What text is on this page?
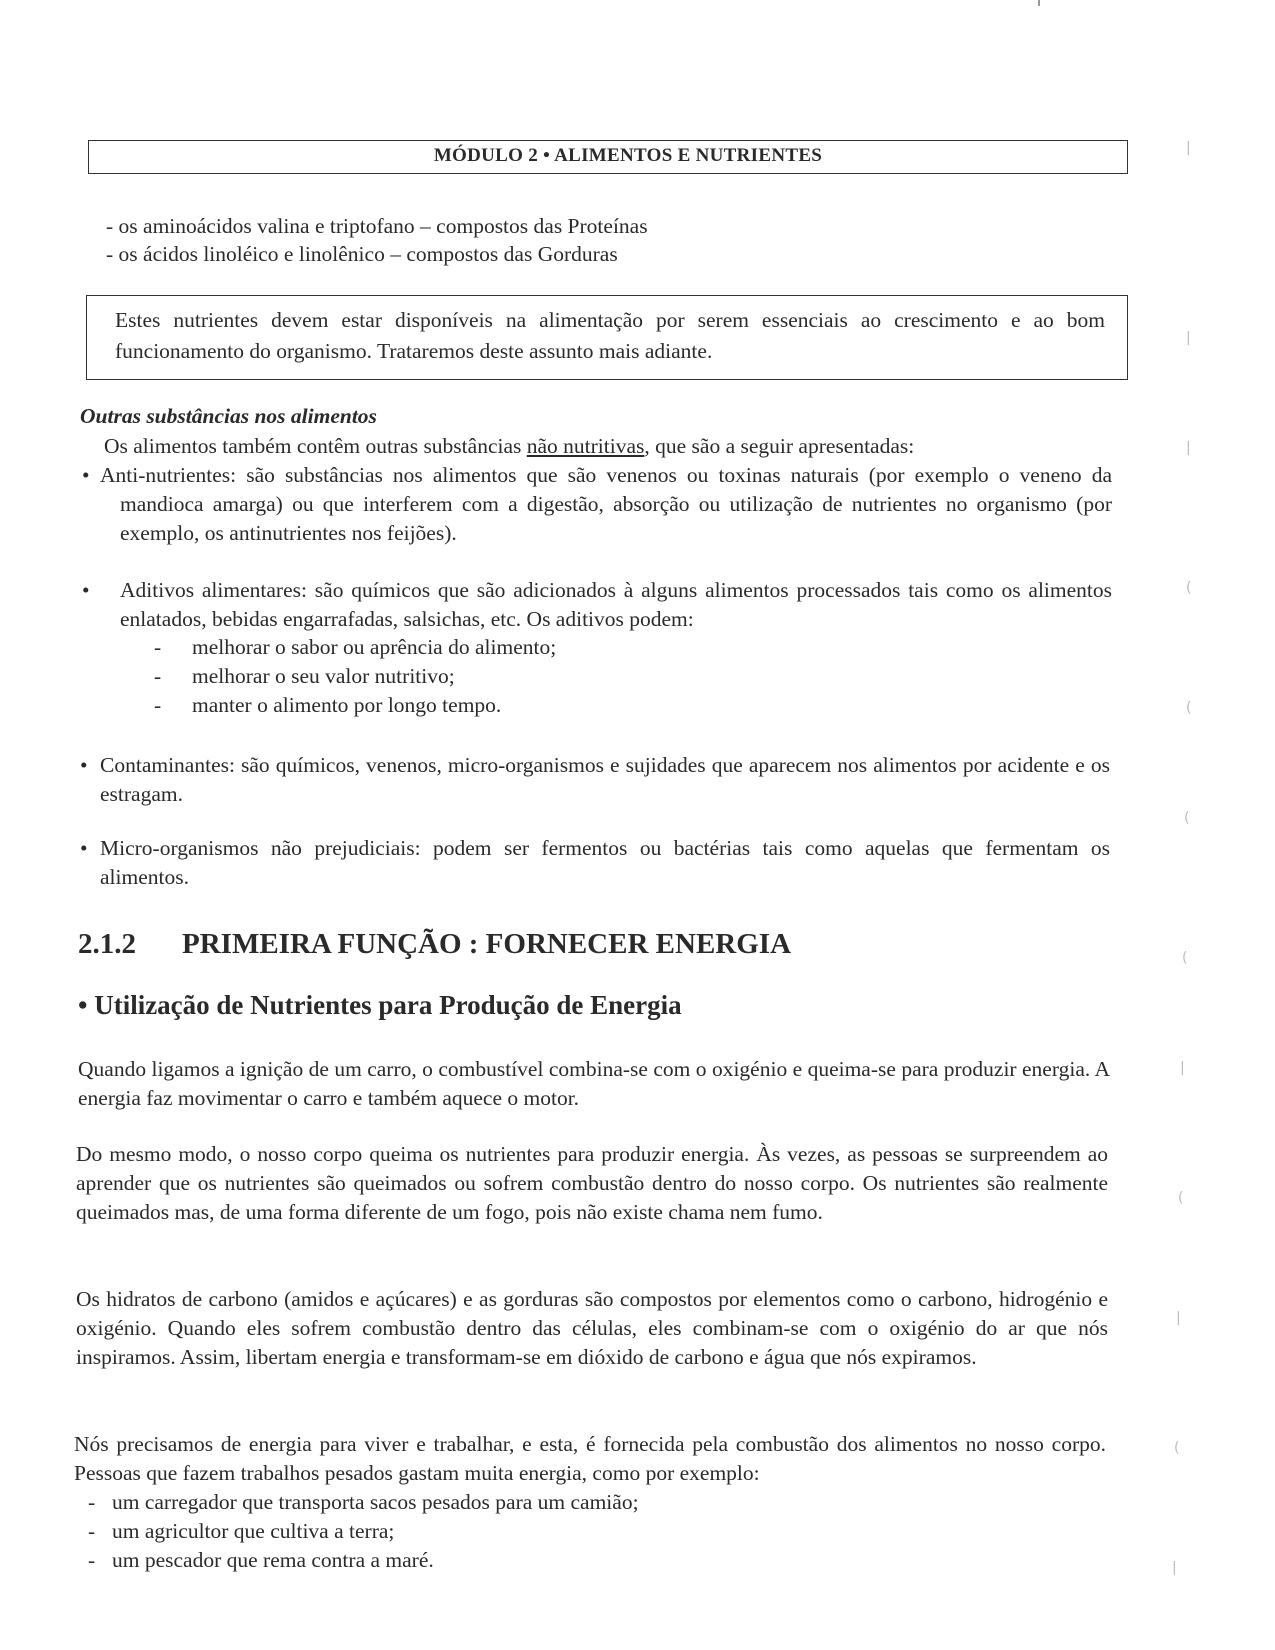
MÓDULO 2 • ALIMENTOS E NUTRIENTES
- os aminoácidos valina e triptofano – compostos das Proteínas
- os ácidos linoléico e linolênico – compostos das Gorduras
Estes nutrientes devem estar disponíveis na alimentação por serem essenciais ao crescimento e ao bom funcionamento do organismo. Trataremos deste assunto mais adiante.
Outras substâncias nos alimentos
Os alimentos também contêm outras substâncias não nutritivas, que são a seguir apresentadas:
• Anti-nutrientes: são substâncias nos alimentos que são venenos ou toxinas naturais (por exemplo o veneno da mandioca amarga) ou que interferem com a digestão, absorção ou utilização de nutrientes no organismo (por exemplo, os antinutrientes nos feijões).
•	Aditivos alimentares: são químicos que são adicionados à alguns alimentos processados tais como os alimentos enlatados, bebidas engarrafadas, salsichas, etc. Os aditivos podem:
- melhorar o sabor ou aprência do alimento;
- melhorar o seu valor nutritivo;
- manter o alimento por longo tempo.
• Contaminantes: são químicos, venenos, micro-organismos e sujidades que aparecem nos alimentos por acidente e os estragam.
• Micro-organismos não prejudiciais: podem ser fermentos ou bactérias tais como aquelas que fermentam os alimentos.
2.1.2 PRIMEIRA FUNÇÃO : FORNECER ENERGIA
• Utilização de Nutrientes para Produção de Energia
Quando ligamos a ignição de um carro, o combustível combina-se com o oxigénio e queima-se para produzir energia. A energia faz movimentar o carro e também aquece o motor.
Do mesmo modo, o nosso corpo queima os nutrientes para produzir energia. Às vezes, as pessoas se surpreendem ao aprender que os nutrientes são queimados ou sofrem combustão dentro do nosso corpo. Os nutrientes são realmente queimados mas, de uma forma diferente de um fogo, pois não existe chama nem fumo.
Os hidratos de carbono (amidos e açúcares) e as gorduras são compostos por elementos como o carbono, hidrogénio e oxigénio. Quando eles sofrem combustão dentro das células, eles combinam-se com o oxigénio do ar que nós inspiramos. Assim, libertam energia e transformam-se em dióxido de carbono e água que nós expiramos.
Nós precisamos de energia para viver e trabalhar, e esta, é fornecida pela combustão dos alimentos no nosso corpo. Pessoas que fazem trabalhos pesados gastam muita energia, como por exemplo:
- um carregador que transporta sacos pesados para um camião;
- um agricultor que cultiva a terra;
- um pescador que rema contra a maré.
|
|
|
(
(
(
(
|
(
|
(
|
